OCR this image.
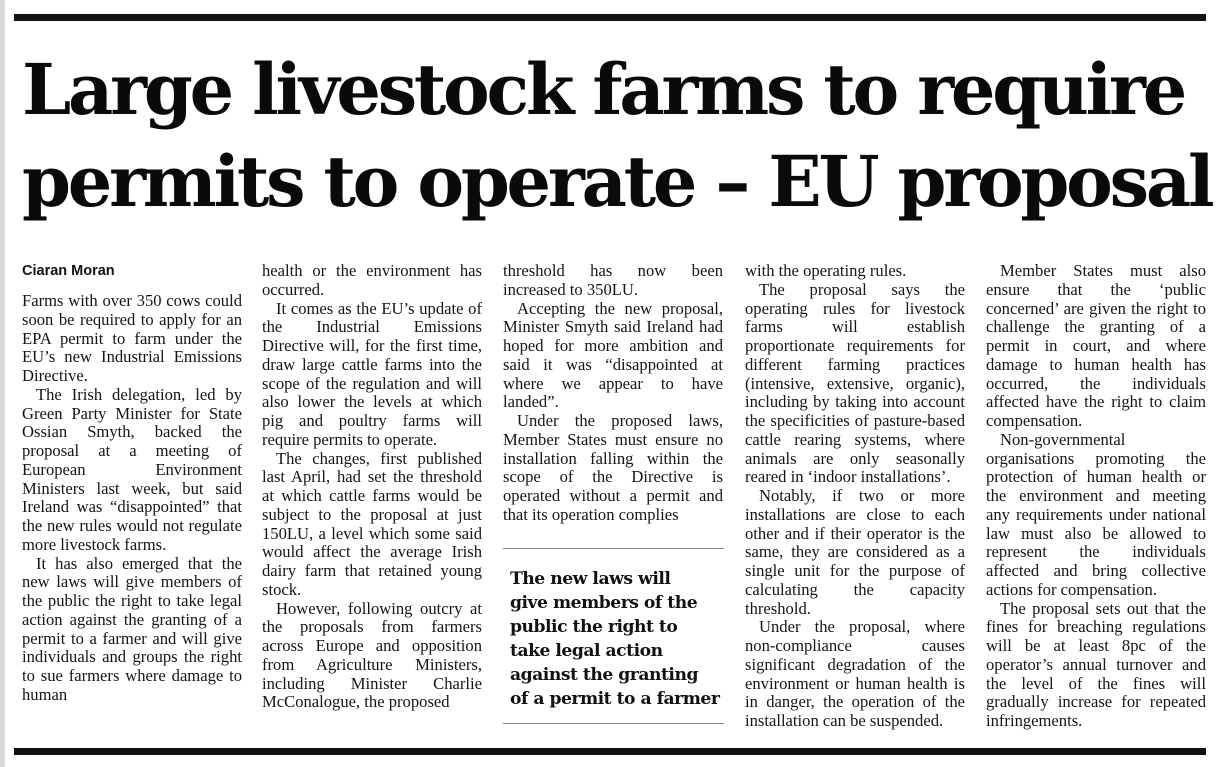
Large livestock farms to require
permits to operate – EU proposal
Ciaran Moran

Farms with over 350 cows could soon be required to apply for an EPA permit to farm under the EU’s new Industrial Emissions Directive.

The Irish delegation, led by Green Party Minister for State Ossian Smyth, backed the proposal at a meeting of European Environment Ministers last week, but said Ireland was “disappointed” that the new rules would not regulate more livestock farms.

It has also emerged that the new laws will give members of the public the right to take legal action against the granting of a permit to a farmer and will give individuals and groups the right to sue farmers where damage to human

health or the environment has occurred.

It comes as the EU’s update of the Industrial Emissions Directive will, for the first time, draw large cattle farms into the scope of the regulation and will also lower the levels at which pig and poultry farms will require permits to operate.

The changes, first published last April, had set the threshold at which cattle farms would be subject to the proposal at just 150LU, a level which some said would affect the average Irish dairy farm that retained young stock.

However, following outcry at the proposals from farmers across Europe and opposition from Agriculture Ministers, including Minister Charlie McConalogue, the proposed

threshold has now been increased to 350LU.

Accepting the new proposal, Minister Smyth said Ireland had hoped for more ambition and said it was “disappointed at where we appear to have landed”.

Under the proposed laws, Member States must ensure no installation falling within the scope of the Directive is operated without a permit and that its operation complies

The new laws will

give members of the

public the right to

take legal action

against the granting

of a permit to a farmer

with the operating rules.

The proposal says the operating rules for livestock farms will establish proportionate requirements for different farming practices (intensive, extensive, organic), including by taking into account the specificities of pasture-based cattle rearing systems, where animals are only seasonally reared in ‘indoor installations’.

Notably, if two or more installations are close to each other and if their operator is the same, they are considered as a single unit for the purpose of calculating the capacity threshold.

Under the proposal, where non-compliance causes significant degradation of the environment or human health is in danger, the operation of the installation can be suspended.

Member States must also ensure that the ‘public concerned’ are given the right to challenge the granting of a permit in court, and where damage to human health has occurred, the individuals affected have the right to claim compensation.

Non-governmental organisations promoting the protection of human health or the environment and meeting any requirements under national law must also be allowed to represent the individuals affected and bring collective actions for compensation.

The proposal sets out that the fines for breaching regulations will be at least 8pc of the operator’s annual turnover and the level of the fines will gradually increase for repeated infringements.
